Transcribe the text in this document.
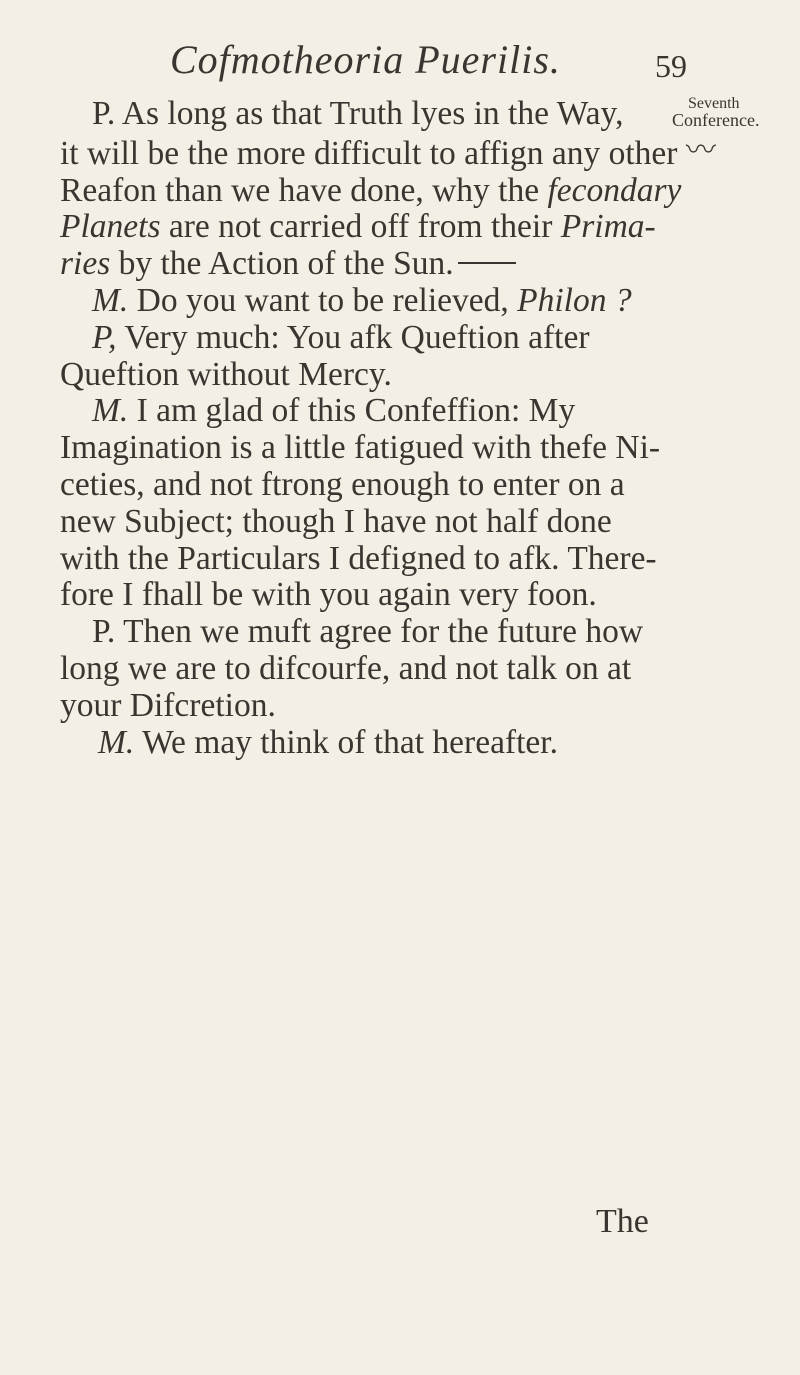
Cofmotheoria Puerilis.	59
Seventh
Conference.
P. As long as that Truth lyes in the Way,
it will be the more difficult to affign any other 〰
Reafon than we have done, why the fecondary
Planets are not carried off from their Prima-
ries by the Action of the Sun.
M. Do you want to be relieved, Philon ?
P, Very much: You afk Queftion after
Queftion without Mercy.
M. I am glad of this Confeffion: My
Imagination is a little fatigued with thefe Ni-
ceties, and not ftrong enough to enter on a
new Subject; though I have not half done
with the Particulars I defigned to afk. There-
fore I fhall be with you again very foon.
P. Then we muft agree for the future how
long we are to difcourfe, and not talk on at
your Difcretion.
M. We may think of that hereafter.
The
